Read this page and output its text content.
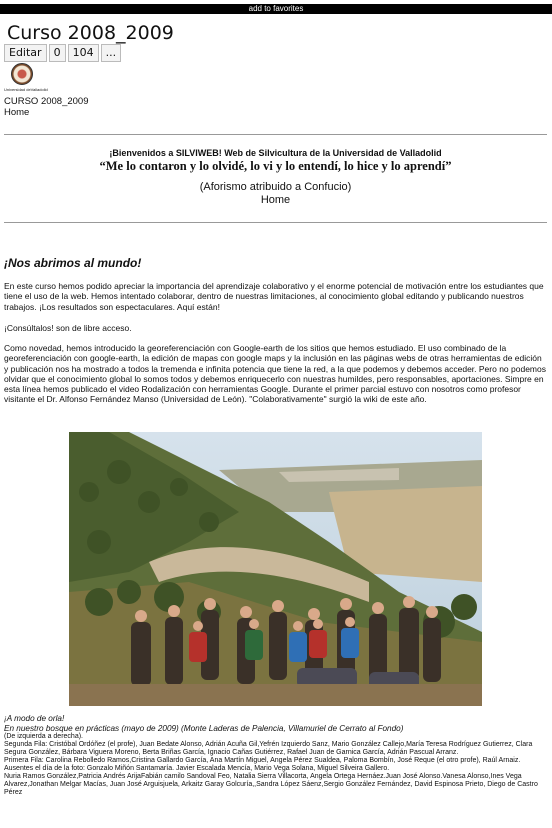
add to favorites
Curso 2008_2009
Editar	0	104	...
Universidad deValladolid
CURSO 2008_2009
Home
¡Bienvenidos a SILVIWEB! Web de Silvicultura de la Universidad de Valladolid
“Me lo contaron y lo olvidé, lo vi y lo entendí, lo hice y lo aprendí”
(Aforismo atribuido a Confucio)
Home
¡Nos abrimos al mundo!

En este curso hemos podido apreciar la importancia del aprendizaje colaborativo y el enorme potencial de motivación entre los estudiantes que tiene el uso de la web. Hemos intentado colaborar, dentro de nuestras limitaciones, al conocimiento global editando y publicando nuestros trabajos. ¡Los resultados son espectaculares. Aquí están!

¡Consúltalos! son de libre acceso.

Como novedad, hemos introducido la georeferenciación con Google-earth de los sitios que hemos estudiado. El uso combinado de la georeferenciación con google-earth, la edición de mapas con google maps y la inclusión en las páginas webs de otras herramientas de edición y publicación nos ha mostrado a todos la tremenda e infinita potencia que tiene la red, a la que podemos y debemos acceder. Pero no podemos olvidar que el conocimiento global lo somos todos y debemos enriquecerlo con nuestras humildes, pero responsables, aportaciones. Simpre en esta línea hemos publicado el video Rodalización con herramientas Google. Durante el primer parcial estuvo con nosotros como profesor visitante el Dr. Alfonso Fernández Manso (Universidad de León). "Colaborativamente" surgió la wiki de este año.

¡A modo de orla!
En nuestro bosque en prácticas (mayo de 2009) (Monte Laderas de Palencia, Villamuriel de Cerrato al Fondo)
(De izquierda a derecha).
Segunda Fila: Cristóbal Ordóñez (el profe), Juan Bedate Alonso, Adrián Acuña Gil,Yefrén Izquierdo Sanz, Mario González Callejo,María Teresa Rodríguez Gutierrez, Clara Segura González, Bárbara Viguera Moreno, Berta Briñas García, Ignacio Cañas Gutiérrez, Rafael Juan de Garnica García, Adrián Pascual Arranz.
Primera Fila: Carolina Rebolledo Ramos,Cristina Gallardo García, Ana Martín Miguel, Angela Pérez Sualdea, Paloma Bombín, José Reque (el otro profe), Raúl Arnaiz.
Ausentes el día de la foto: Gonzalo Miñón Santamaría. Javier Escalada Mencía, Mario Vega Solana, Miguel Silveira Gallero.
Nuria Ramos González,Patricia Andrés ArijaFabián camilo Sandoval Feo, Natalia Sierra Villacorta, Angela Ortega Hernáez.Juan José Alonso.Vanesa Alonso,Ines Vega Alvarez,Jonathan Melgar Macías, Juan José Arguisjuela, Arkaitz Garay Golcuría,,Sandra López Sáenz,Sergio González Fernández, David Espinosa Prieto, Diego de Castro Pérez
